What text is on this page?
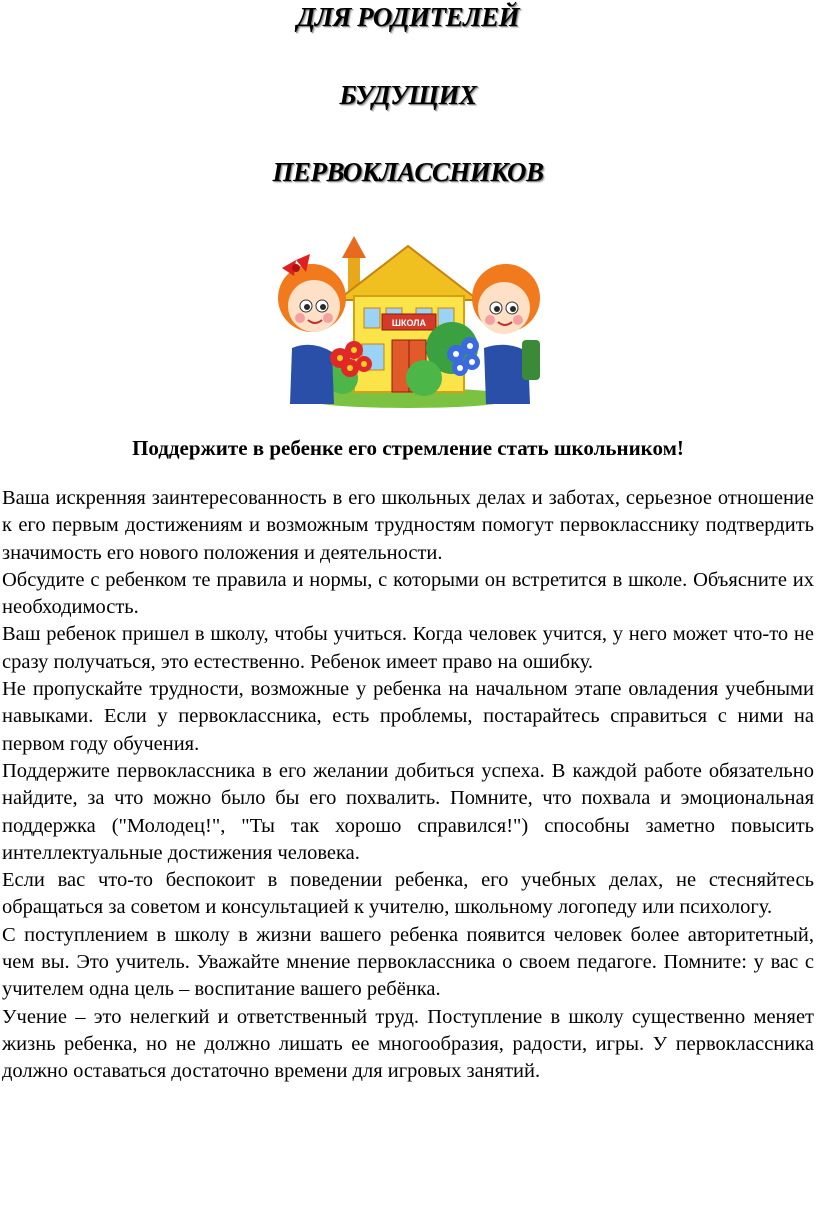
ДЛЯ РОДИТЕЛЕЙ
БУДУЩИХ
ПЕРВОКЛАССНИКОВ
ШКОЛА
Поддержите в ребенке его стремление стать школьником!

Ваша искренняя заинтересованность в его школьных делах и заботах, серьезное отношение к его первым достижениям и возможным трудностям помогут первокласснику подтвердить значимость его нового положения и деятельности.

Обсудите с ребенком те правила и нормы, с которыми он встретится в школе. Объясните их необходимость.

Ваш ребенок пришел в школу, чтобы учиться. Когда человек учится, у него может что-то не сразу получаться, это естественно. Ребенок имеет право на ошибку.

Не пропускайте трудности, возможные у ребенка на начальном этапе овладения учебными навыками. Если у первоклассника, есть проблемы, постарайтесь справиться с ними на первом году обучения.

Поддержите первоклассника в его желании добиться успеха. В каждой работе обязательно найдите, за что можно было бы его похвалить. Помните, что похвала и эмоциональная поддержка ("Молодец!", "Ты так хорошо справился!") способны заметно повысить интеллектуальные достижения человека.

Если вас что-то беспокоит в поведении ребенка, его учебных делах, не стесняйтесь обращаться за советом и консультацией к учителю, школьному логопеду или психологу.

С поступлением в школу в жизни вашего ребенка появится человек более авторитетный, чем вы. Это учитель. Уважайте мнение первоклассника о своем педагоге. Помните: у вас с учителем одна цель – воспитание вашего ребёнка.

Учение – это нелегкий и ответственный труд. Поступление в школу существенно меняет жизнь ребенка, но не должно лишать ее многообразия, радости, игры. У первоклассника должно оставаться достаточно времени для игровых занятий.
